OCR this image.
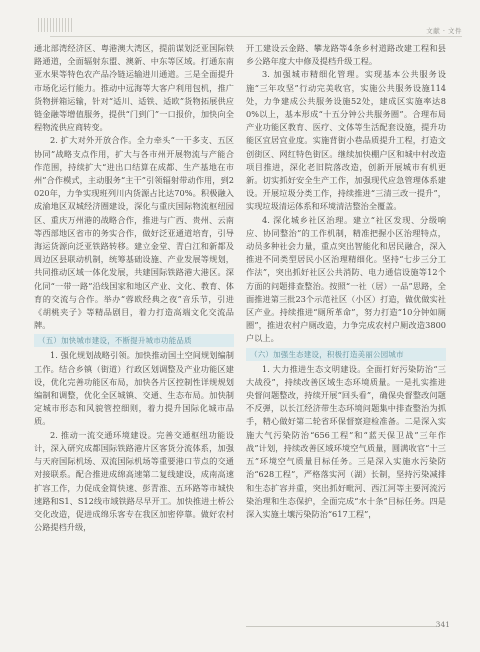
文献 · 文件

通北部湾经济区、粤港澳大湾区，提前谋划泛亚国际铁路通道，全面辐射东盟、澳新、中东等区域。打通东南亚水果等特色农产品冷链运输进川通道。三是全面提升市场化运行能力。推动中远海等大客户利用包机，推广货物拼箱运输，针对“适川、适铁、适欧”货物拓展供应链金融等增值服务，提供“门到门”一口报价，加快向全程物流供应商转变。

2. 扩大对外开放合作。全力牵头“一干多支、五区协同”战略支点作用，扩大与各市州开展物流与产能合作范围，持续扩大“进出口结算在成都、生产基地在市州”合作模式，主动服务“主干”引领辐射带动作用，到2020年，力争实现班列川内货源占比达70%。积极融入成渝地区双城经济圈建设，深化与重庆国际物流枢纽园区、重庆万州港的战略合作，推进与广西、贵州、云南等西部地区省市的务实合作，做好泛亚通道培育，引导海运货源向泛亚铁路转移。建立金堂、青白江和新都及周边区县联动机制，统筹基础设施、产业发展等规划，共同推动区域一体化发展，共建国际铁路港大港区。深化同“一带一路”沿线国家和地区产业、文化、教育、体育的交流与合作。举办“蓉欧经典之夜”音乐节，引进《胡桃夹子》等精品剧目，着力打造高端文化交流品牌。

（五）加快城市建设，不断提升城市功能品质

1. 强化规划战略引领。加快推动国土空间规划编制工作。结合乡镇（街道）行政区划调整及产业功能区建设，优化完善功能区布局，加快各片区控制性详规规划编制和调整，优化全区城镇、交通、生态布局。加快制定城市形态和风貌管控细则，着力提升国际化城市品质。

2. 推动一流交通环境建设。完善交通枢纽功能设计，深入研究成都国际铁路港片区客货分流体系，加强与天府国际机场、双流国际机场等重要港口节点的交通对接联系。配合推进成绵高速第二复线建设，成南高速扩容工作，力促成金简快速、彭青淮、五环路等市城快速路和S1、S12线市域铁路尽早开工。加快推进土桥公交化改造，促进成绵乐客专在我区加密停靠。做好农村公路提档升级，

开工建设云金路、攀龙路等4条乡村道路改建工程和县乡公路年度大中修及提档升级工程。

3. 加强城市精细化管理。实现基本公共服务设施“三年攻坚”行动完美收官，实施公共服务设施114处，力争建成公共服务设施52处，建成区实施率达80%以上，基本形成“十五分钟公共服务圈”。合理布局产业功能区教育、医疗、文体等生活配套设施，提升功能区宜居宜业度。实施背街小巷品质提升工程，打造文创街区、网红特色街区。继续加快棚户区和城中村改造项目推进，深化老旧院落改造，创新开展城市有机更新。切实抓好安全生产工作，加强现代应急管理体系建设。开展垃圾分类工作，持续推进“三清三改一提升”，实现垃圾清运体系和环境清洁整治全覆盖。

4. 深化城乡社区治理。建立“社区发现、分级响应、协同整治”的工作机制，精准把握小区治理特点，动员多种社会力量，重点突出智能化和居民融合，深入推进不同类型居民小区治理精细化。坚持“七步三分工作法”，突出抓好社区公共消防、电力通信设施等12个方面的问题排查整治。按照“一社（居）一品”思路，全面推进第三批23个示范社区（小区）打造，做优做实社区产业。持续推进“厕所革命”，努力打造“10分钟如厕圈”，推进农村户厕改造，力争完成农村户厕改造3800户以上。

（六）加强生态建设，积极打造美丽公园城市

1. 大力推进生态文明建设。全面打好污染防治“三大战役”，持续改善区域生态环境质量。一是扎实推进央督问题整改，持续开展“回头看”，确保央督整改问题不反弹，以长江经济带生态环境问题集中排查整治为抓手，精心做好第二轮省环保督察迎检准备。二是深入实施大气污染防治“656工程”和“蓝天保卫战”三年作战”计划，持续改善区域环境空气质量，圆满收官“十三五”环境空气质量目标任务。三是深入实施水污染防治“628工程”，严格落实河（湖）长制，坚持污染减排和生态扩容并重，突出抓好毗河、西江河等主要河流污染治理和生态保护，全面完成“水十条”目标任务。四是深入实施土壤污染防治“617工程”，

341
